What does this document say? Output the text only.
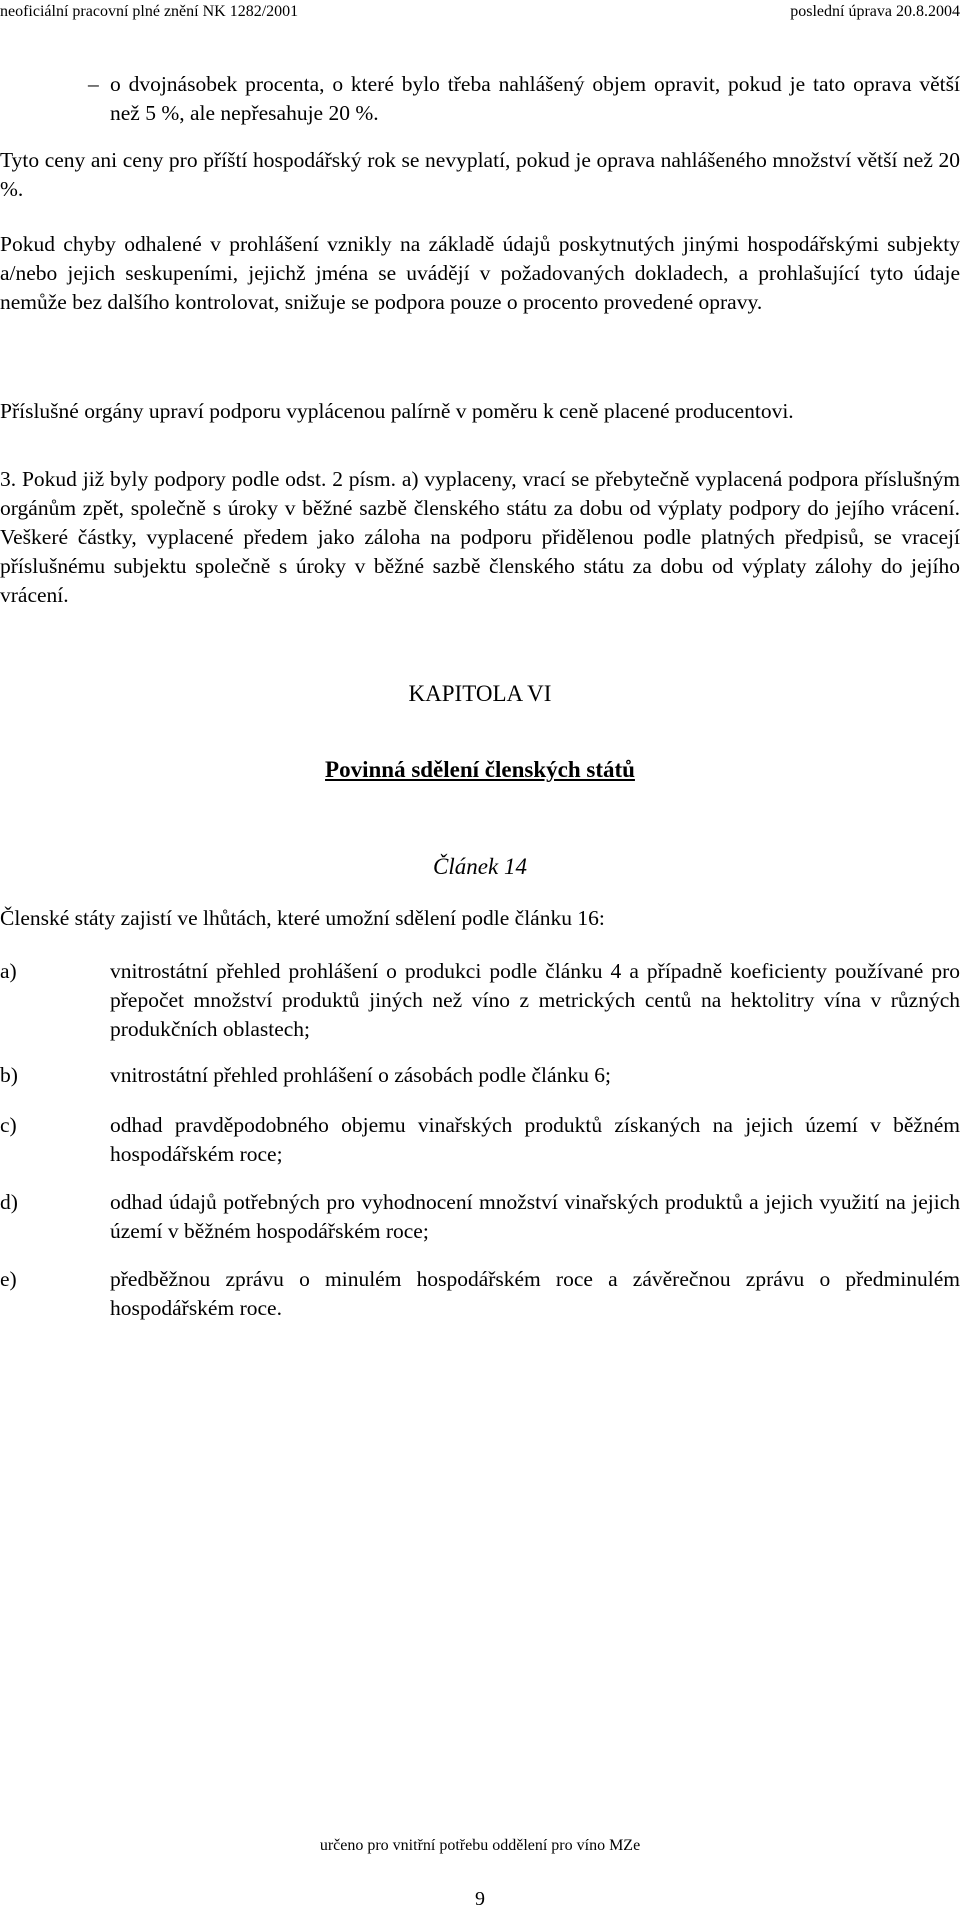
neoficiální pracovní plné znění NK 1282/2001	poslední úprava 20.8.2004
– o dvojnásobek procenta, o které bylo třeba nahlášený objem opravit, pokud je tato oprava větší než 5 %, ale nepřesahuje 20 %.

Tyto ceny ani ceny pro příští hospodářský rok se nevyplatí, pokud je oprava nahlášeného množství větší než 20 %.

Pokud chyby odhalené v prohlášení vznikly na základě údajů poskytnutých jinými hospodářskými subjekty a/nebo jejich seskupeními, jejichž jména se uvádějí v požadovaných dokladech, a prohlašující tyto údaje nemůže bez dalšího kontrolovat, snižuje se podpora pouze o procento provedené opravy.

Příslušné orgány upraví podporu vyplácenou palírně v poměru k ceně placené producentovi.

3. Pokud již byly podpory podle odst. 2 písm. a) vyplaceny, vrací se přebytečně vyplacená podpora příslušným orgánům zpět, společně s úroky v běžné sazbě členského státu za dobu od výplaty podpory do jejího vrácení. Veškeré částky, vyplacené předem jako záloha na podporu přidělenou podle platných předpisů, se vracejí příslušnému subjektu společně s úroky v běžné sazbě členského státu za dobu od výplaty zálohy do jejího vrácení.

KAPITOLA VI

Povinná sdělení členských států

Článek 14

Členské státy zajistí ve lhůtách, které umožní sdělení podle článku 16:

a)	vnitrostátní přehled prohlášení o produkci podle článku 4 a případně koeficienty používané pro přepočet množství produktů jiných než víno z metrických centů na hektolitry vína v různých produkčních oblastech;

b)	vnitrostátní přehled prohlášení o zásobách podle článku 6;

c)	odhad pravděpodobného objemu vinařských produktů získaných na jejich území v běžném hospodářském roce;

d)	odhad údajů potřebných pro vyhodnocení množství vinařských produktů a jejich využití na jejich území v běžném hospodářském roce;

e)	předběžnou zprávu o minulém hospodářském roce a závěrečnou zprávu o předminulém hospodářském roce.

určeno pro vnitřní potřebu oddělení pro víno MZe
9
